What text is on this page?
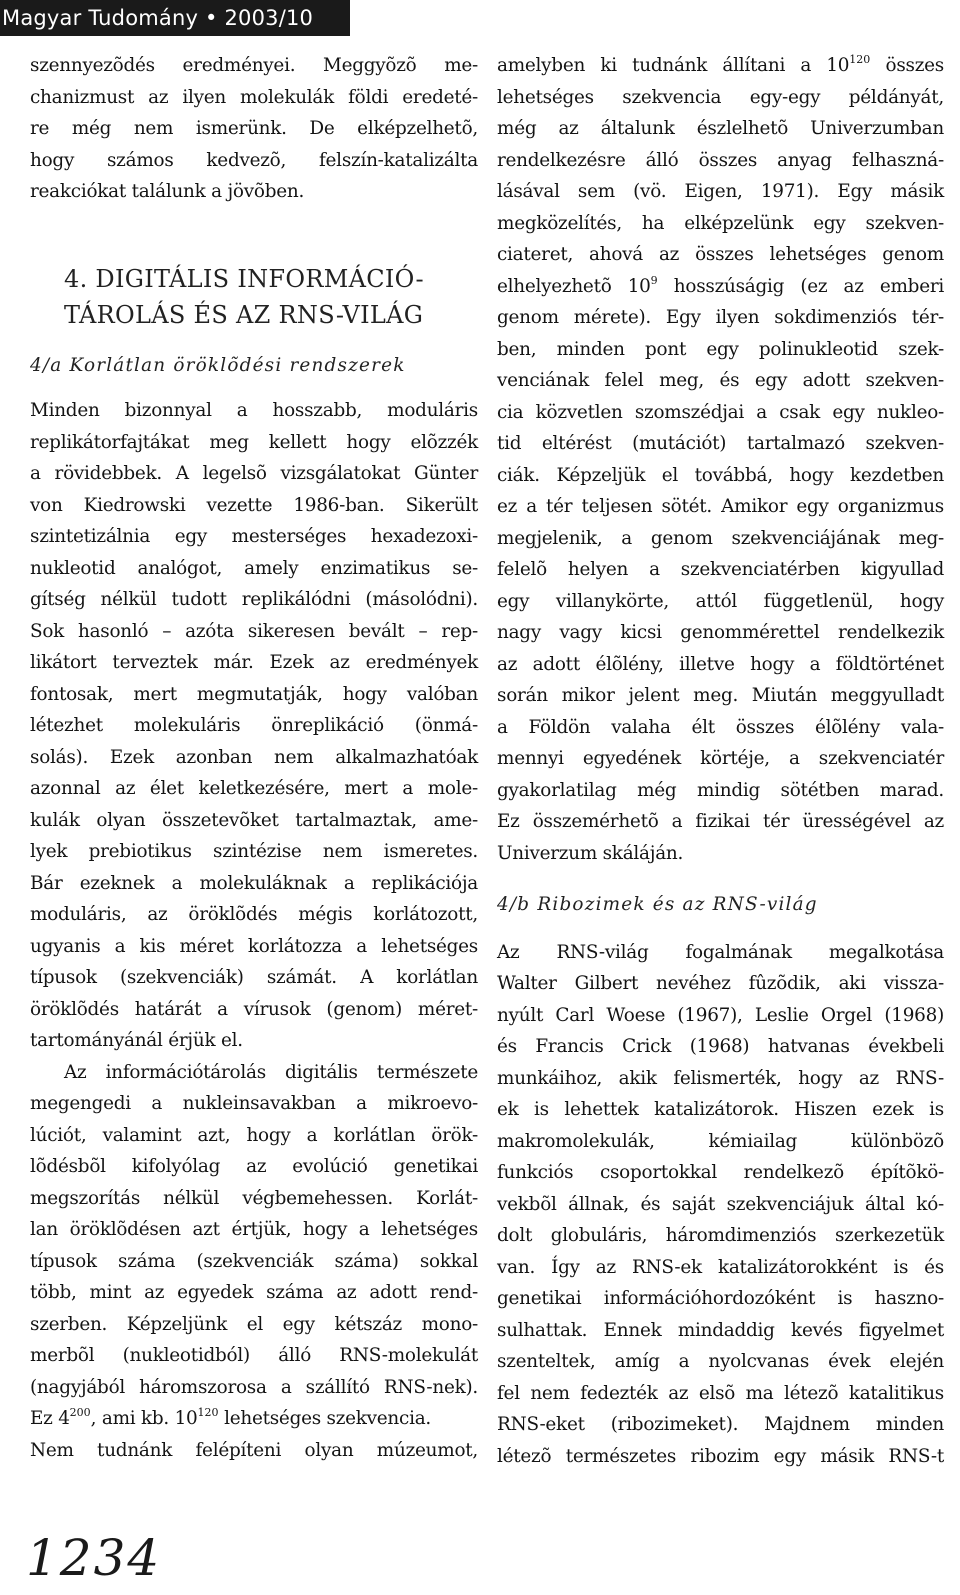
Magyar Tudomány • 2003/10
szennyezõdés eredményei. Meggyõzõ me-
chanizmust az ilyen molekulák földi eredeté-
re még nem ismerünk. De elképzelhetõ,
hogy számos kedvezõ, felszín-katalizálta
reakciókat találunk a jövõben.
4. DIGITÁLIS INFORMÁCIÓ-
TÁROLÁS ÉS AZ RNS-VILÁG
4/a Korlátlan öröklõdési rendszerek
Minden bizonnyal a hosszabb, moduláris
replikátorfajtákat meg kellett hogy elõzzék
a rövidebbek. A legelsõ vizsgálatokat Günter
von Kiedrowski vezette 1986-ban. Sikerült
szintetizálnia egy mesterséges hexadezoxi-
nukleotid analógot, amely enzimatikus se-
gítség nélkül tudott replikálódni (másolódni).
Sok hasonló – azóta sikeresen bevált – rep-
likátort terveztek már. Ezek az eredmények
fontosak, mert megmutatják, hogy valóban
létezhet molekuláris önreplikáció (önmá-
solás). Ezek azonban nem alkalmazhatóak
azonnal az élet keletkezésére, mert a mole-
kulák olyan összetevõket tartalmaztak, ame-
lyek prebiotikus szintézise nem ismeretes.
Bár ezeknek a molekuláknak a replikációja
moduláris, az öröklõdés mégis korlátozott,
ugyanis a kis méret korlátozza a lehetséges
típusok (szekvenciák) számát. A korlátlan
öröklõdés határát a vírusok (genom) méret-
tartományánál érjük el.
Az információtárolás digitális természete
megengedi a nukleinsavakban a mikroevo-
lúciót, valamint azt, hogy a korlátlan örök-
lõdésbõl kifolyólag az evolúció genetikai
megszorítás nélkül végbemehessen. Korlát-
lan öröklõdésen azt értjük, hogy a lehetséges
típusok száma (szekvenciák száma) sokkal
több, mint az egyedek száma az adott rend-
szerben. Képzeljünk el egy kétszáz mono-
merbõl (nukleotidból) álló RNS-molekulát
(nagyjából háromszorosa a szállító RNS-nek).
Ez $4^{200}$, ami kb. $10^{120}$ lehetséges szekvencia.
Nem tudnánk felépíteni olyan múzeumot,
amelyben ki tudnánk állítani a $10^{120}$ összes
lehetséges szekvencia egy-egy példányát,
még az általunk észlelhetõ Univerzumban
rendelkezésre álló összes anyag felhaszná-
lásával sem (vö. Eigen, 1971). Egy másik
megközelítés, ha elképzelünk egy szekven-
ciateret, ahová az összes lehetséges genom
elhelyezhetõ $10^9$ hosszúságig (ez az emberi
genom mérete). Egy ilyen sokdimenziós tér-
ben, minden pont egy polinukleotid szek-
venciának felel meg, és egy adott szekven-
cia közvetlen szomszédjai a csak egy nukleo-
tid eltérést (mutációt) tartalmazó szekven-
ciák. Képzeljük el továbbá, hogy kezdetben
ez a tér teljesen sötét. Amikor egy organizmus
megjelenik, a genom szekvenciájának meg-
felelõ helyen a szekvenciatérben kigyullad
egy villanykörte, attól függetlenül, hogy
nagy vagy kicsi genommérettel rendelkezik
az adott élõlény, illetve hogy a földtörténet
során mikor jelent meg. Miután meggyulladt
a Földön valaha élt összes élõlény vala-
mennyi egyedének körtéje, a szekvenciatér
gyakorlatilag még mindig sötétben marad.
Ez összemérhetõ a fizikai tér ürességével az
Univerzum skáláján.
4/b Ribozimek és az RNS-világ
Az RNS-világ fogalmának megalkotása
Walter Gilbert nevéhez fûzõdik, aki vissza-
nyúlt Carl Woese (1967), Leslie Orgel (1968)
és Francis Crick (1968) hatvanas évekbeli
munkáihoz, akik felismerték, hogy az RNS-
ek is lehettek katalizátorok. Hiszen ezek is
makromolekulák, kémiailag különbözõ
funkciós csoportokkal rendelkezõ építõkö-
vekbõl állnak, és saját szekvenciájuk által kó-
dolt globuláris, háromdimenziós szerkezetük
van. Így az RNS-ek katalizátorokként is és
genetikai információhordozóként is haszno-
sulhattak. Ennek mindaddig kevés figyelmet
szenteltek, amíg a nyolcvanas évek elején
fel nem fedezték az elsõ ma létezõ katalitikus
RNS-eket (ribozimeket). Majdnem minden
létezõ természetes ribozim egy másik RNS-t
1234
